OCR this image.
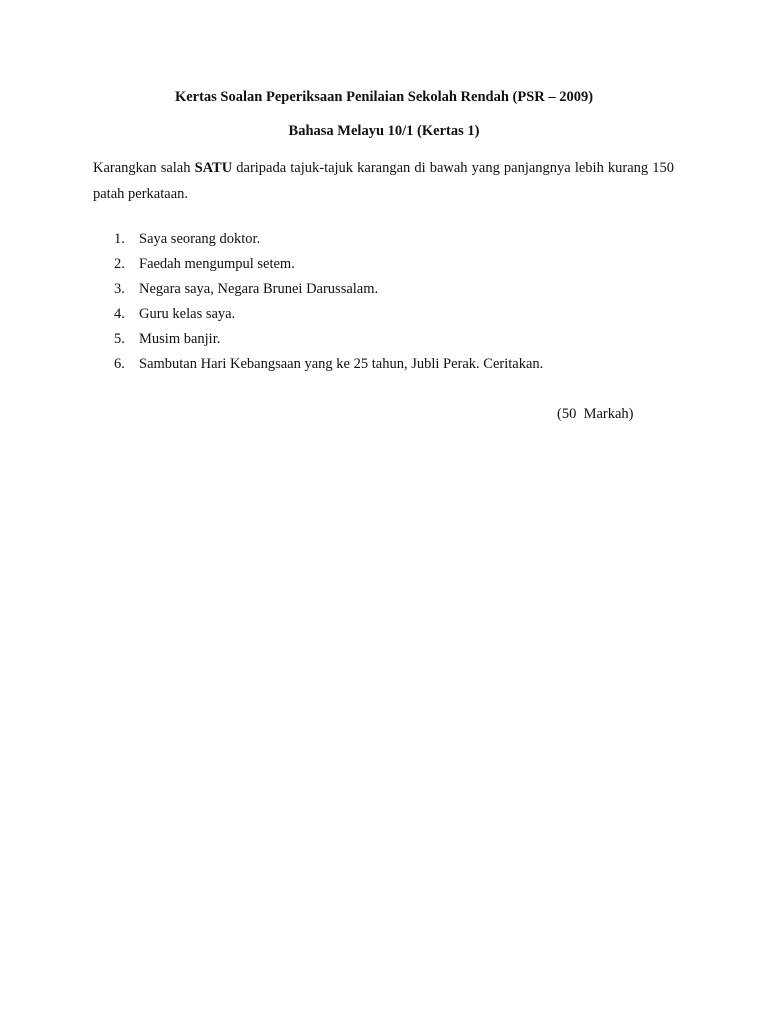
Kertas Soalan Peperiksaan Penilaian Sekolah Rendah (PSR – 2009)
Bahasa Melayu 10/1 (Kertas 1)
Karangkan salah SATU daripada tajuk-tajuk karangan di bawah yang panjangnya lebih kurang 150 patah perkataan.
1. Saya seorang doktor.
2. Faedah mengumpul setem.
3. Negara saya, Negara Brunei Darussalam.
4. Guru kelas saya.
5. Musim banjir.
6. Sambutan Hari Kebangsaan yang ke 25 tahun, Jubli Perak. Ceritakan.
(50  Markah)
